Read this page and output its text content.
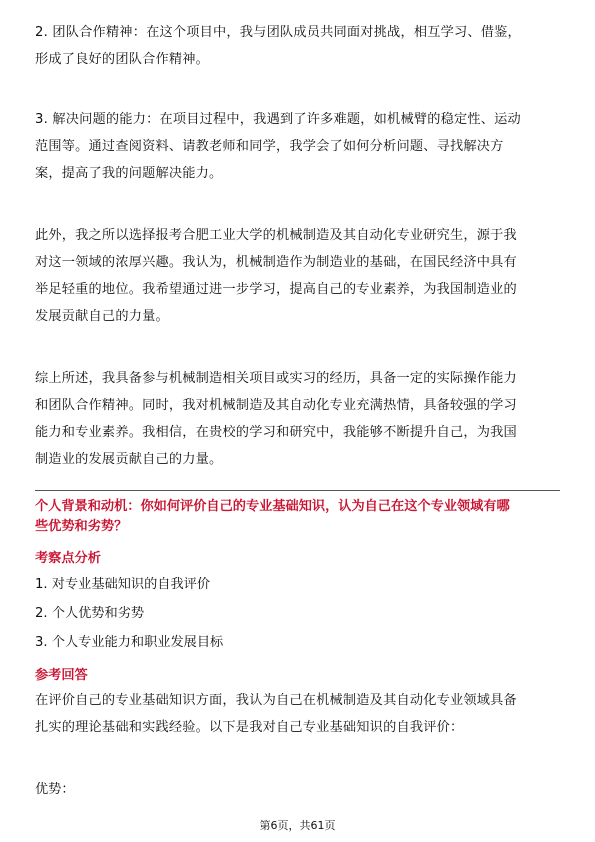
2. 团队合作精神：在这个项目中，我与团队成员共同面对挑战，相互学习、借鉴，
形成了良好的团队合作精神。

3. 解决问题的能力：在项目过程中，我遇到了许多难题，如机械臂的稳定性、运动
范围等。通过查阅资料、请教老师和同学，我学会了如何分析问题、寻找解决方
案，提高了我的问题解决能力。

此外，我之所以选择报考合肥工业大学的机械制造及其自动化专业研究生，源于我
对这一领域的浓厚兴趣。我认为，机械制造作为制造业的基础，在国民经济中具有
举足轻重的地位。我希望通过进一步学习，提高自己的专业素养，为我国制造业的
发展贡献自己的力量。

综上所述，我具备参与机械制造相关项目或实习的经历，具备一定的实际操作能力
和团队合作精神。同时，我对机械制造及其自动化专业充满热情，具备较强的学习
能力和专业素养。我相信，在贵校的学习和研究中，我能够不断提升自己，为我国
制造业的发展贡献自己的力量。

个人背景和动机：你如何评价自己的专业基础知识，认为自己在这个专业领域有哪
些优势和劣势？
考察点分析
1. 对专业基础知识的自我评价
2. 个人优势和劣势
3. 个人专业能力和职业发展目标
参考回答

在评价自己的专业基础知识方面，我认为自己在机械制造及其自动化专业领域具备
扎实的理论基础和实践经验。以下是我对自己专业基础知识的自我评价：

优势：
第6页，共61页
